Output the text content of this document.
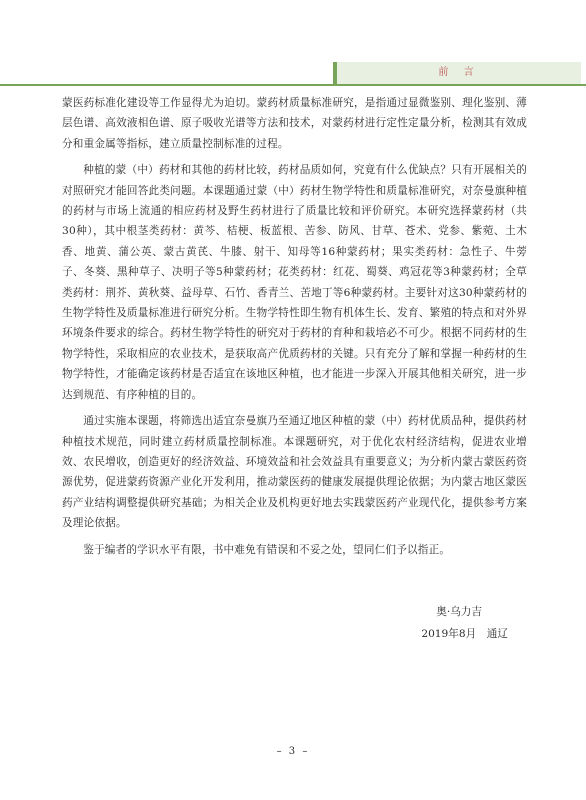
前 言

蒙医药标准化建设等工作显得尤为迫切。蒙药材质量标准研究，是指通过显微鉴别、理化鉴别、薄层色谱、高效液相色谱、原子吸收光谱等方法和技术，对蒙药材进行定性定量分析，检测其有效成分和重金属等指标，建立质量控制标准的过程。

种植的蒙（中）药材和其他的药材比较，药材品质如何，究竟有什么优缺点？只有开展相关的对照研究才能回答此类问题。本课题通过蒙（中）药材生物学特性和质量标准研究，对奈曼旗种植的药材与市场上流通的相应药材及野生药材进行了质量比较和评价研究。本研究选择蒙药材（共30种），其中根茎类药材：黄芩、桔梗、板蓝根、苦参、防风、甘草、苍术、党参、紫菀、土木香、地黄、蒲公英、蒙古黄芪、牛膝、射干、知母等16种蒙药材；果实类药材：急性子、牛蒡子、冬葵、黑种草子、决明子等5种蒙药材；花类药材：红花、蜀葵、鸡冠花等3种蒙药材；全草类药材：荆芥、黄秋葵、益母草、石竹、香青兰、苦地丁等6种蒙药材。主要针对这30种蒙药材的生物学特性及质量标准进行研究分析。生物学特性即生物有机体生长、发育、繁殖的特点和对外界环境条件要求的综合。药材生物学特性的研究对于药材的育种和栽培必不可少。根据不同药材的生物学特性，采取相应的农业技术，是获取高产优质药材的关键。只有充分了解和掌握一种药材的生物学特性，才能确定该药材是否适宜在该地区种植，也才能进一步深入开展其他相关研究，进一步达到规范、有序种植的目的。

通过实施本课题，将筛选出适宜奈曼旗乃至通辽地区种植的蒙（中）药材优质品种，提供药材种植技术规范，同时建立药材质量控制标准。本课题研究，对于优化农村经济结构，促进农业增效、农民增收，创造更好的经济效益、环境效益和社会效益具有重要意义；为分析内蒙古蒙医药资源优势，促进蒙药资源产业化开发利用，推动蒙医药的健康发展提供理论依据；为内蒙古地区蒙医药产业结构调整提供研究基础；为相关企业及机构更好地去实践蒙医药产业现代化，提供参考方案及理论依据。

鉴于编者的学识水平有限，书中难免有错误和不妥之处，望同仁们予以指正。

奥·乌力吉
2019年8月　通辽
– 3 –
